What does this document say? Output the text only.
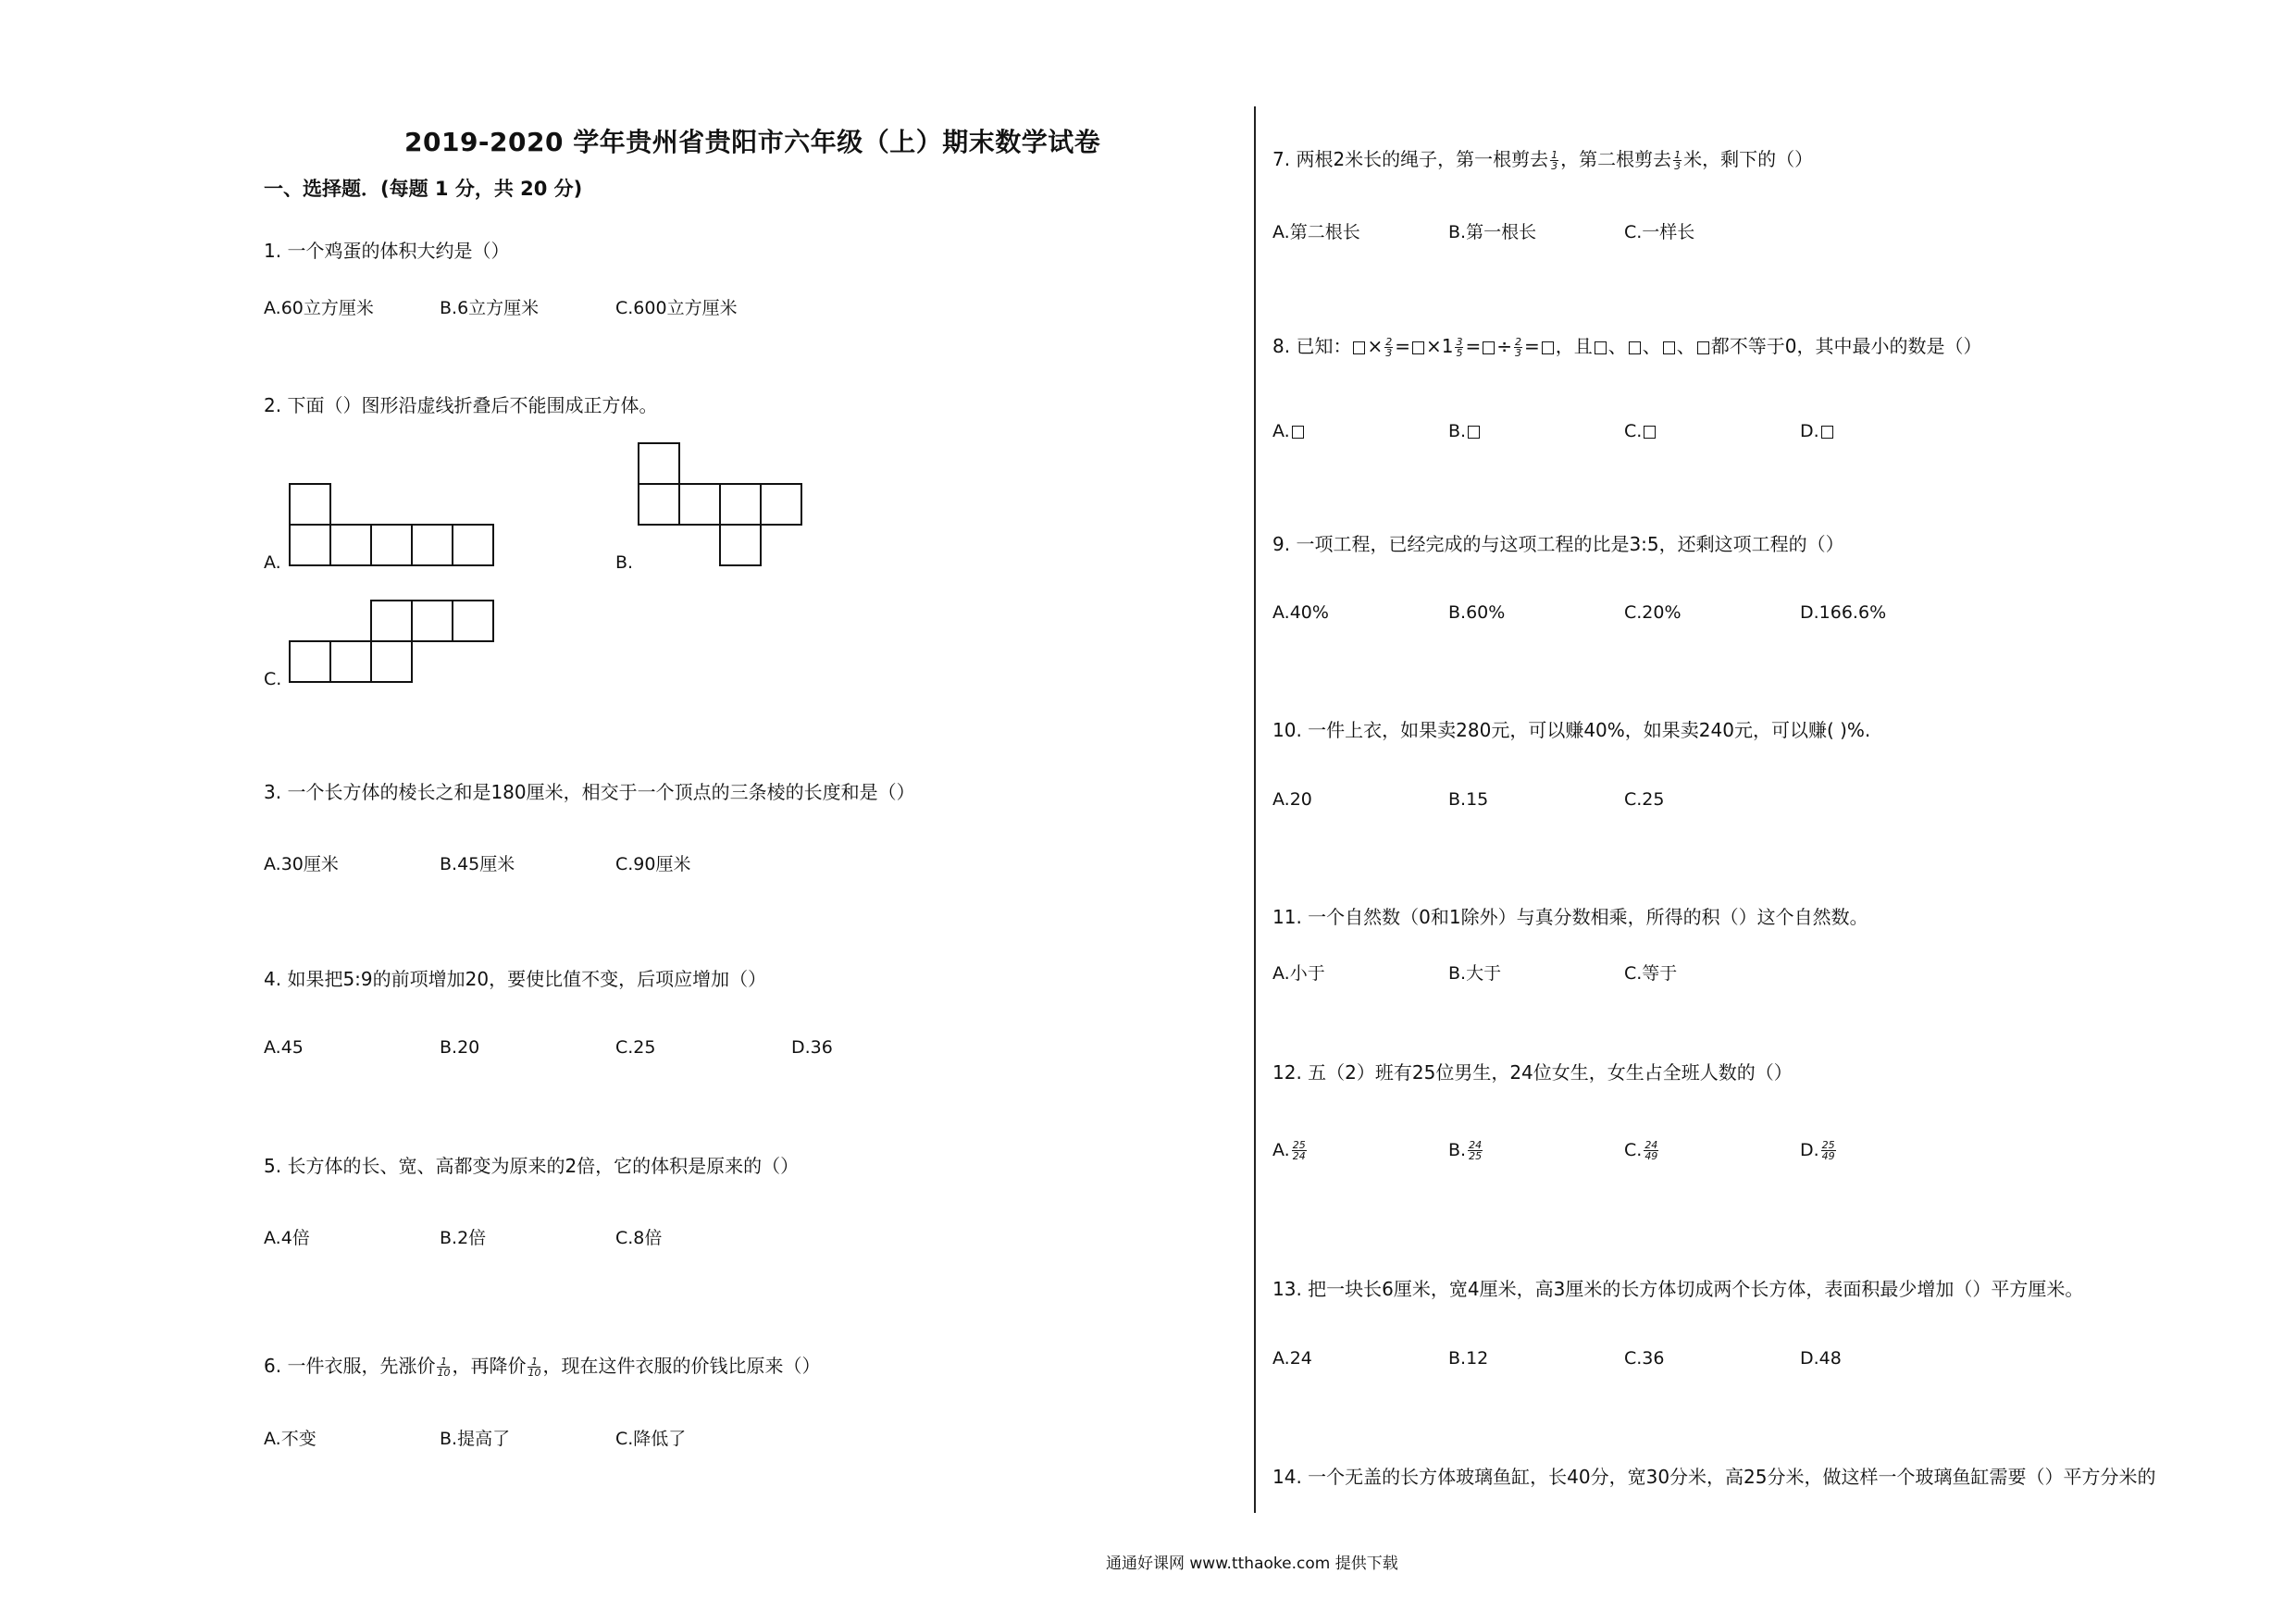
2019-2020 学年贵州省贵阳市六年级（上）期末数学试卷
一、选择题．(每题 1 分，共 20 分)
1. 一个鸡蛋的体积大约是（）
A.60立方厘米	B.6立方厘米	C.600立方厘米
2. 下面（）图形沿虚线折叠后不能围成正方体。
A.	B.
C.
3. 一个长方体的棱长之和是180厘米，相交于一个顶点的三条棱的长度和是（）
A.30厘米	B.45厘米	C.90厘米
4. 如果把5:9的前项增加20，要使比值不变，后项应增加（）
A.45	B.20	C.25	D.36
5. 长方体的长、宽、高都变为原来的2倍，它的体积是原来的（）
A.4倍	B.2倍	C.8倍
6. 一件衣服，先涨价 $\frac{1}{10}$ ，再降价 $\frac{1}{10}$ ，现在这件衣服的价钱比原来（）
A.不变	B.提高了	C.降低了
7. 两根2米长的绳子，第一根剪去 $\frac{1}{3}$ ，第二根剪去 $\frac{1}{3}$ 米，剩下的（）
A.第二根长	B.第一根长	C.一样长
8. 已知： × $\frac{2}{3} = \times 1 \frac{3}{5}$ = ÷ $\frac{2}{3}$ = ，且 、 、 、 都不等于0，其中最小的数是（）
A.	B.	C.	D.
9. 一项工程，已经完成的与这项工程的比是3:5，还剩这项工程的（）
A.40%	B.60%	C.20%	D.166.6%
10. 一件上衣，如果卖280元，可以赚40%，如果卖240元，可以赚( )%.
A.20	B.15	C.25
11. 一个自然数（0和1除外）与真分数相乘，所得的积（）这个自然数。
A.小于	B.大于	C.等于
12. 五（2）班有25位男生，24位女生，女生占全班人数的（）
A. $\frac{25}{24}$	B. $\frac{24}{25}$	C. $\frac{24}{49}$	D. $\frac{25}{49}$
13. 把一块长6厘米，宽4厘米，高3厘米的长方体切成两个长方体，表面积最少增加（）平方厘米。
A.24	B.12	C.36	D.48
14. 一个无盖的长方体玻璃鱼缸，长40分，宽30分米，高25分米，做这样一个玻璃鱼缸需要（）平方分米的
通通好课网 www.tthaoke.com 提供下载
